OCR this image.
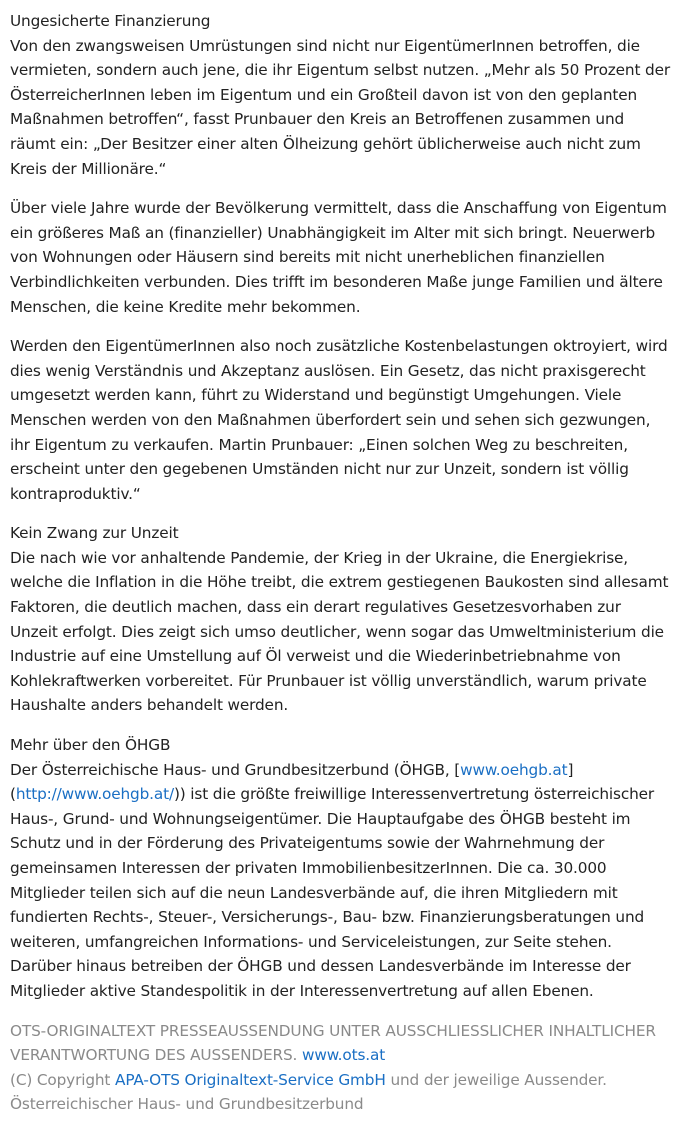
Ungesicherte Finanzierung

Von den zwangsweisen Umrüstungen sind nicht nur EigentümerInnen betroffen, die vermieten, sondern auch jene, die ihr Eigentum selbst nutzen. „Mehr als 50 Prozent der ÖsterreicherInnen leben im Eigentum und ein Großteil davon ist von den geplanten Maßnahmen betroffen“, fasst Prunbauer den Kreis an Betroffenen zusammen und räumt ein: „Der Besitzer einer alten Ölheizung gehört üblicherweise auch nicht zum Kreis der Millionäre.“

Über viele Jahre wurde der Bevölkerung vermittelt, dass die Anschaffung von Eigentum ein größeres Maß an (finanzieller) Unabhängigkeit im Alter mit sich bringt. Neuerwerb von Wohnungen oder Häusern sind bereits mit nicht unerheblichen finanziellen Verbindlichkeiten verbunden. Dies trifft im besonderen Maße junge Familien und ältere Menschen, die keine Kredite mehr bekommen.

Werden den EigentümerInnen also noch zusätzliche Kostenbelastungen oktroyiert, wird dies wenig Verständnis und Akzeptanz auslösen. Ein Gesetz, das nicht praxisgerecht umgesetzt werden kann, führt zu Widerstand und begünstigt Umgehungen. Viele Menschen werden von den Maßnahmen überfordert sein und sehen sich gezwungen, ihr Eigentum zu verkaufen. Martin Prunbauer: „Einen solchen Weg zu beschreiten, erscheint unter den gegebenen Umständen nicht nur zur Unzeit, sondern ist völlig kontraproduktiv.“

Kein Zwang zur Unzeit

Die nach wie vor anhaltende Pandemie, der Krieg in der Ukraine, die Energiekrise, welche die Inflation in die Höhe treibt, die extrem gestiegenen Baukosten sind allesamt Faktoren, die deutlich machen, dass ein derart regulatives Gesetzesvorhaben zur Unzeit erfolgt. Dies zeigt sich umso deutlicher, wenn sogar das Umweltministerium die Industrie auf eine Umstellung auf Öl verweist und die Wiederinbetriebnahme von Kohlekraftwerken vorbereitet. Für Prunbauer ist völlig unverständlich, warum private Haushalte anders behandelt werden.

Mehr über den ÖHGB

Der Österreichische Haus- und Grundbesitzerbund (ÖHGB, [www.oehgb.at]
(http://www.oehgb.at/)) ist die größte freiwillige Interessenvertretung österreichischer Haus-, Grund- und Wohnungseigentümer. Die Hauptaufgabe des ÖHGB besteht im Schutz und in der Förderung des Privateigentums sowie der Wahrnehmung der gemeinsamen Interessen der privaten ImmobilienbesitzerInnen. Die ca. 30.000 Mitglieder teilen sich auf die neun Landesverbände auf, die ihren Mitgliedern mit fundierten Rechts-, Steuer-, Versicherungs-, Bau- bzw. Finanzierungsberatungen und weiteren, umfangreichen Informations- und Serviceleistungen, zur Seite stehen. Darüber hinaus betreiben der ÖHGB und dessen Landesverbände im Interesse der Mitglieder aktive Standespolitik in der Interessenvertretung auf allen Ebenen.

OTS-ORIGINALTEXT PRESSEAUSSENDUNG UNTER AUSSCHLIESSLICHER INHALTLICHER VERANTWORTUNG DES AUSSENDERS. www.ots.at
(C) Copyright APA-OTS Originaltext-Service GmbH und der jeweilige Aussender.
Österreichischer Haus- und Grundbesitzerbund
